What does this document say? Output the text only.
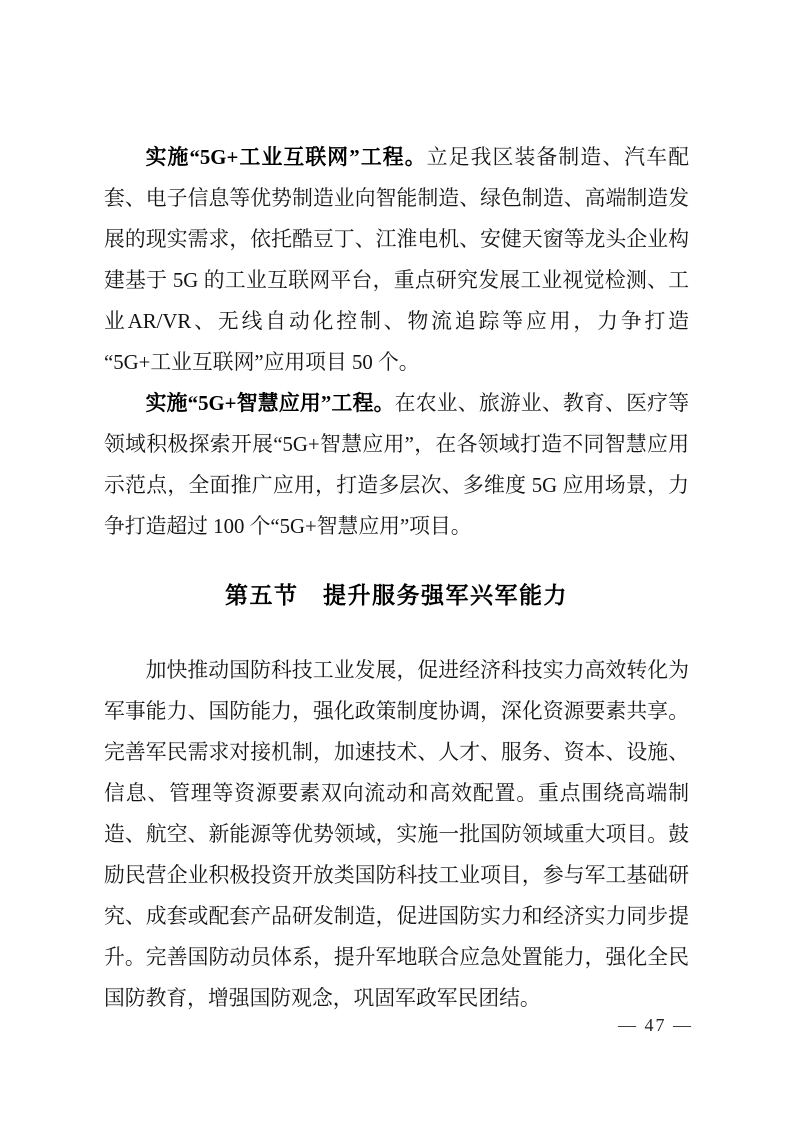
实施“5G+工业互联网”工程。立足我区装备制造、汽车配套、电子信息等优势制造业向智能制造、绿色制造、高端制造发展的现实需求，依托酷豆丁、江淮电机、安健天窗等龙头企业构建基于 5G 的工业互联网平台，重点研究发展工业视觉检测、工业AR/VR、无线自动化控制、物流追踪等应用，力争打造“5G+工业互联网”应用项目 50 个。

实施“5G+智慧应用”工程。在农业、旅游业、教育、医疗等领域积极探索开展“5G+智慧应用”，在各领域打造不同智慧应用示范点，全面推广应用，打造多层次、多维度 5G 应用场景，力争打造超过 100 个“5G+智慧应用”项目。

第五节　提升服务强军兴军能力

加快推动国防科技工业发展，促进经济科技实力高效转化为军事能力、国防能力，强化政策制度协调，深化资源要素共享。完善军民需求对接机制，加速技术、人才、服务、资本、设施、信息、管理等资源要素双向流动和高效配置。重点围绕高端制造、航空、新能源等优势领域，实施一批国防领域重大项目。鼓励民营企业积极投资开放类国防科技工业项目，参与军工基础研究、成套或配套产品研发制造，促进国防实力和经济实力同步提升。完善国防动员体系，提升军地联合应急处置能力，强化全民国防教育，增强国防观念，巩固军政军民团结。

— 47 —
